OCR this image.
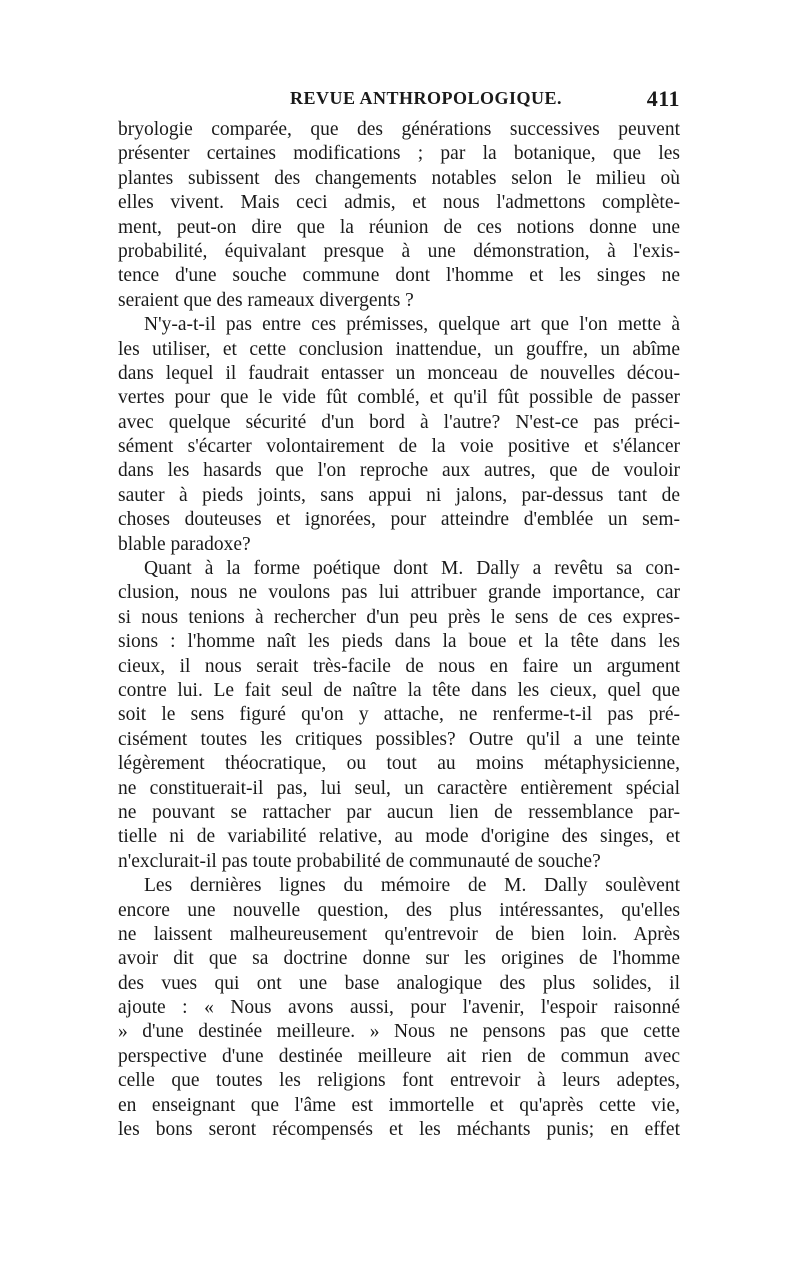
REVUE ANTHROPOLOGIQUE.	411
bryologie comparée, que des générations successives peuvent
présenter certaines modifications ; par la botanique, que les
plantes subissent des changements notables selon le milieu où
elles vivent. Mais ceci admis, et nous l'admettons complète-
ment, peut-on dire que la réunion de ces notions donne une
probabilité, équivalant presque à une démonstration, à l'exis-
tence d'une souche commune dont l'homme et les singes ne
seraient que des rameaux divergents ?
N'y-a-t-il pas entre ces prémisses, quelque art que l'on mette à
les utiliser, et cette conclusion inattendue, un gouffre, un abîme
dans lequel il faudrait entasser un monceau de nouvelles décou-
vertes pour que le vide fût comblé, et qu'il fût possible de passer
avec quelque sécurité d'un bord à l'autre? N'est-ce pas préci-
sément s'écarter volontairement de la voie positive et s'élancer
dans les hasards que l'on reproche aux autres, que de vouloir
sauter à pieds joints, sans appui ni jalons, par-dessus tant de
choses douteuses et ignorées, pour atteindre d'emblée un sem-
blable paradoxe?
Quant à la forme poétique dont M. Dally a revêtu sa con-
clusion, nous ne voulons pas lui attribuer grande importance, car
si nous tenions à rechercher d'un peu près le sens de ces expres-
sions : l'homme naît les pieds dans la boue et la tête dans les
cieux, il nous serait très-facile de nous en faire un argument
contre lui. Le fait seul de naître la tête dans les cieux, quel que
soit le sens figuré qu'on y attache, ne renferme-t-il pas pré-
cisément toutes les critiques possibles? Outre qu'il a une teinte
légèrement théocratique, ou tout au moins métaphysicienne,
ne constituerait-il pas, lui seul, un caractère entièrement spécial
ne pouvant se rattacher par aucun lien de ressemblance par-
tielle ni de variabilité relative, au mode d'origine des singes, et
n'exclurait-il pas toute probabilité de communauté de souche?
Les dernières lignes du mémoire de M. Dally soulèvent
encore une nouvelle question, des plus intéressantes, qu'elles
ne laissent malheureusement qu'entrevoir de bien loin. Après
avoir dit que sa doctrine donne sur les origines de l'homme
des vues qui ont une base analogique des plus solides, il
ajoute : « Nous avons aussi, pour l'avenir, l'espoir raisonné
» d'une destinée meilleure. » Nous ne pensons pas que cette
perspective d'une destinée meilleure ait rien de commun avec
celle que toutes les religions font entrevoir à leurs adeptes,
en enseignant que l'âme est immortelle et qu'après cette vie,
les bons seront récompensés et les méchants punis; en effet
